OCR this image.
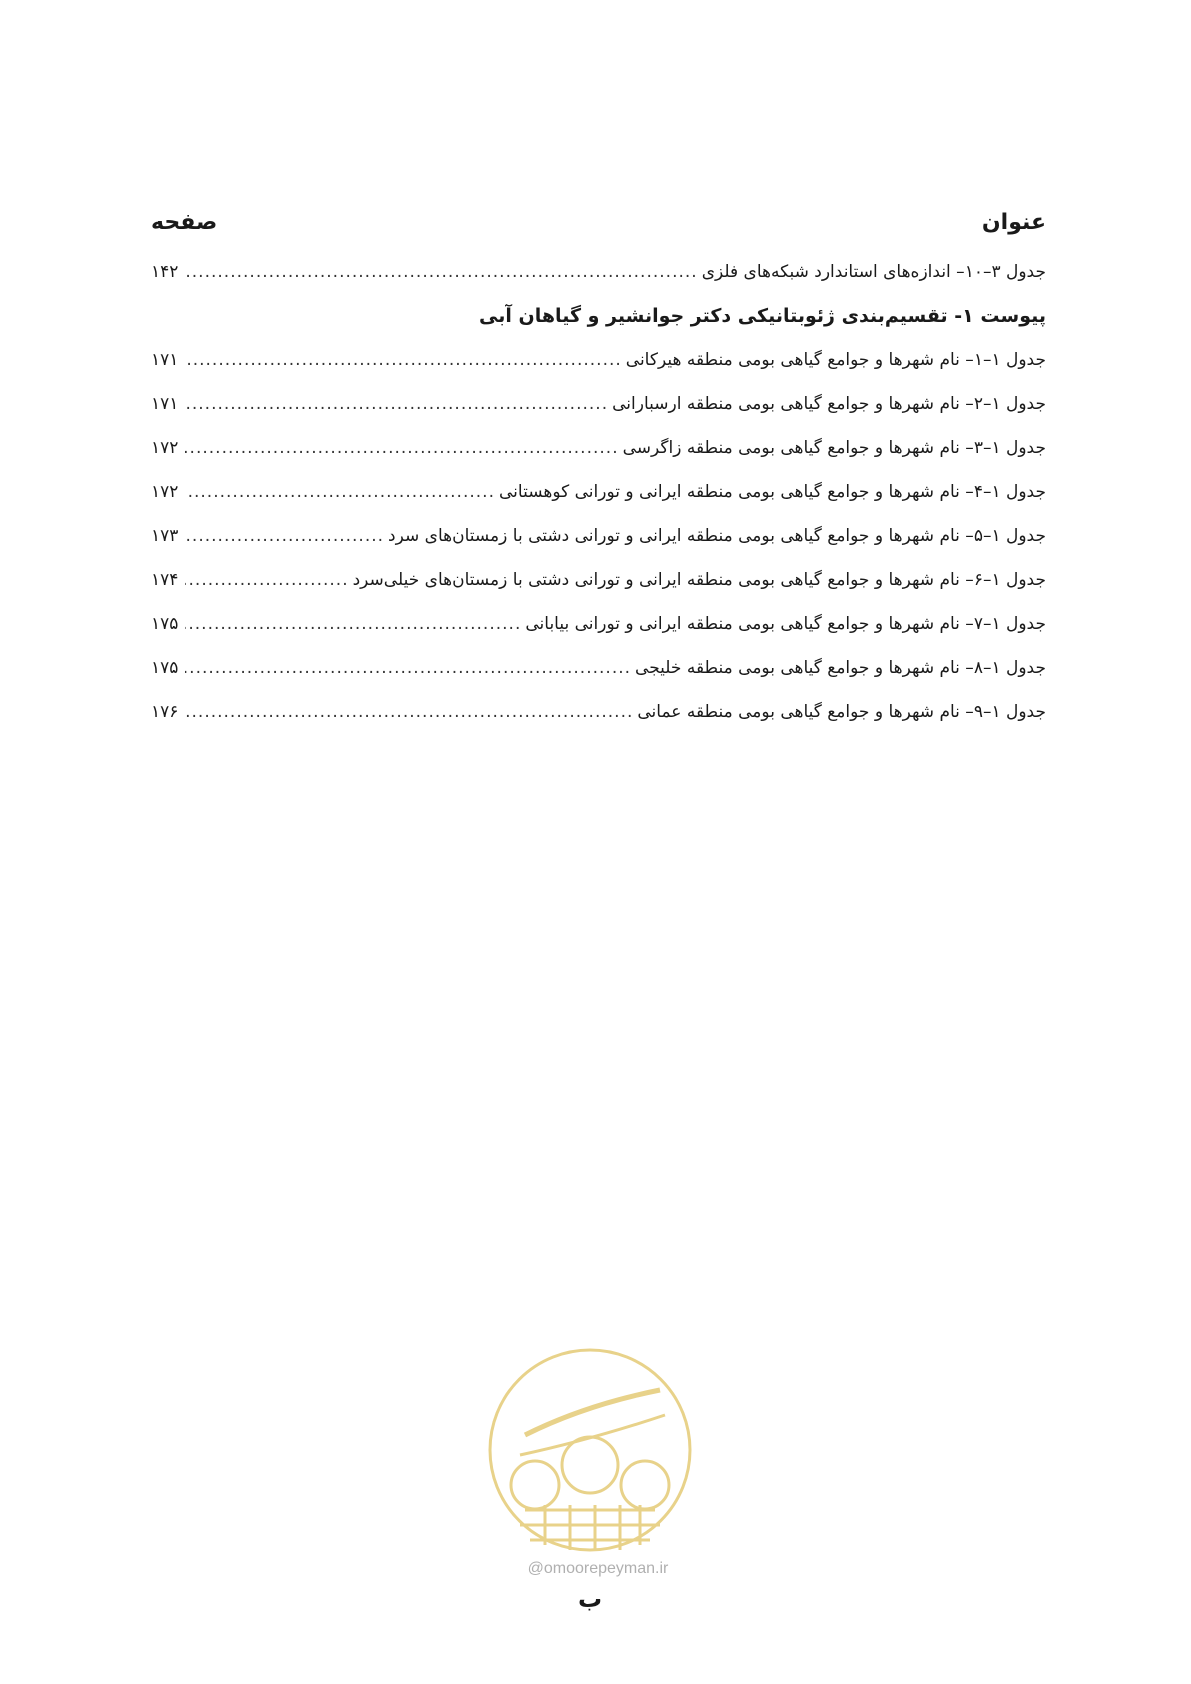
عنوان
صفحه
جدول ۳–۱۰– اندازه‌های استاندارد شبکه‌های فلزی
.....
۱۴۲
پیوست ۱- تقسیم‌بندی ژئوبتانیکی دکتر جوانشیر و گیاهان آبی
جدول ۱–۱– نام شهرها و جوامع گیاهی بومی منطقه هیرکانی
.....
۱۷۱
جدول ۱–۲– نام شهرها و جوامع گیاهی بومی منطقه ارسبارانی
.....
۱۷۱
جدول ۱–۳– نام شهرها و جوامع گیاهی بومی منطقه زاگرسی
.....
۱۷۲
جدول ۱–۴– نام شهرها و جوامع گیاهی بومی منطقه ایرانی و تورانی کوهستانی
.....
۱۷۲
جدول ۱–۵– نام شهرها و جوامع گیاهی بومی منطقه ایرانی و تورانی دشتی با زمستان‌های سرد
.....
۱۷۳
جدول ۱–۶– نام شهرها و جوامع گیاهی بومی منطقه ایرانی و تورانی دشتی با زمستان‌های خیلی‌سرد
.....
۱۷۴
جدول ۱–۷– نام شهرها و جوامع گیاهی بومی منطقه ایرانی و تورانی بیابانی
.....
۱۷۵
جدول ۱–۸– نام شهرها و جوامع گیاهی بومی منطقه خلیجی
.....
۱۷۵
جدول ۱–۹– نام شهرها و جوامع گیاهی بومی منطقه عمانی
.....
۱۷۶
@omoorepeyman.ir
ب
